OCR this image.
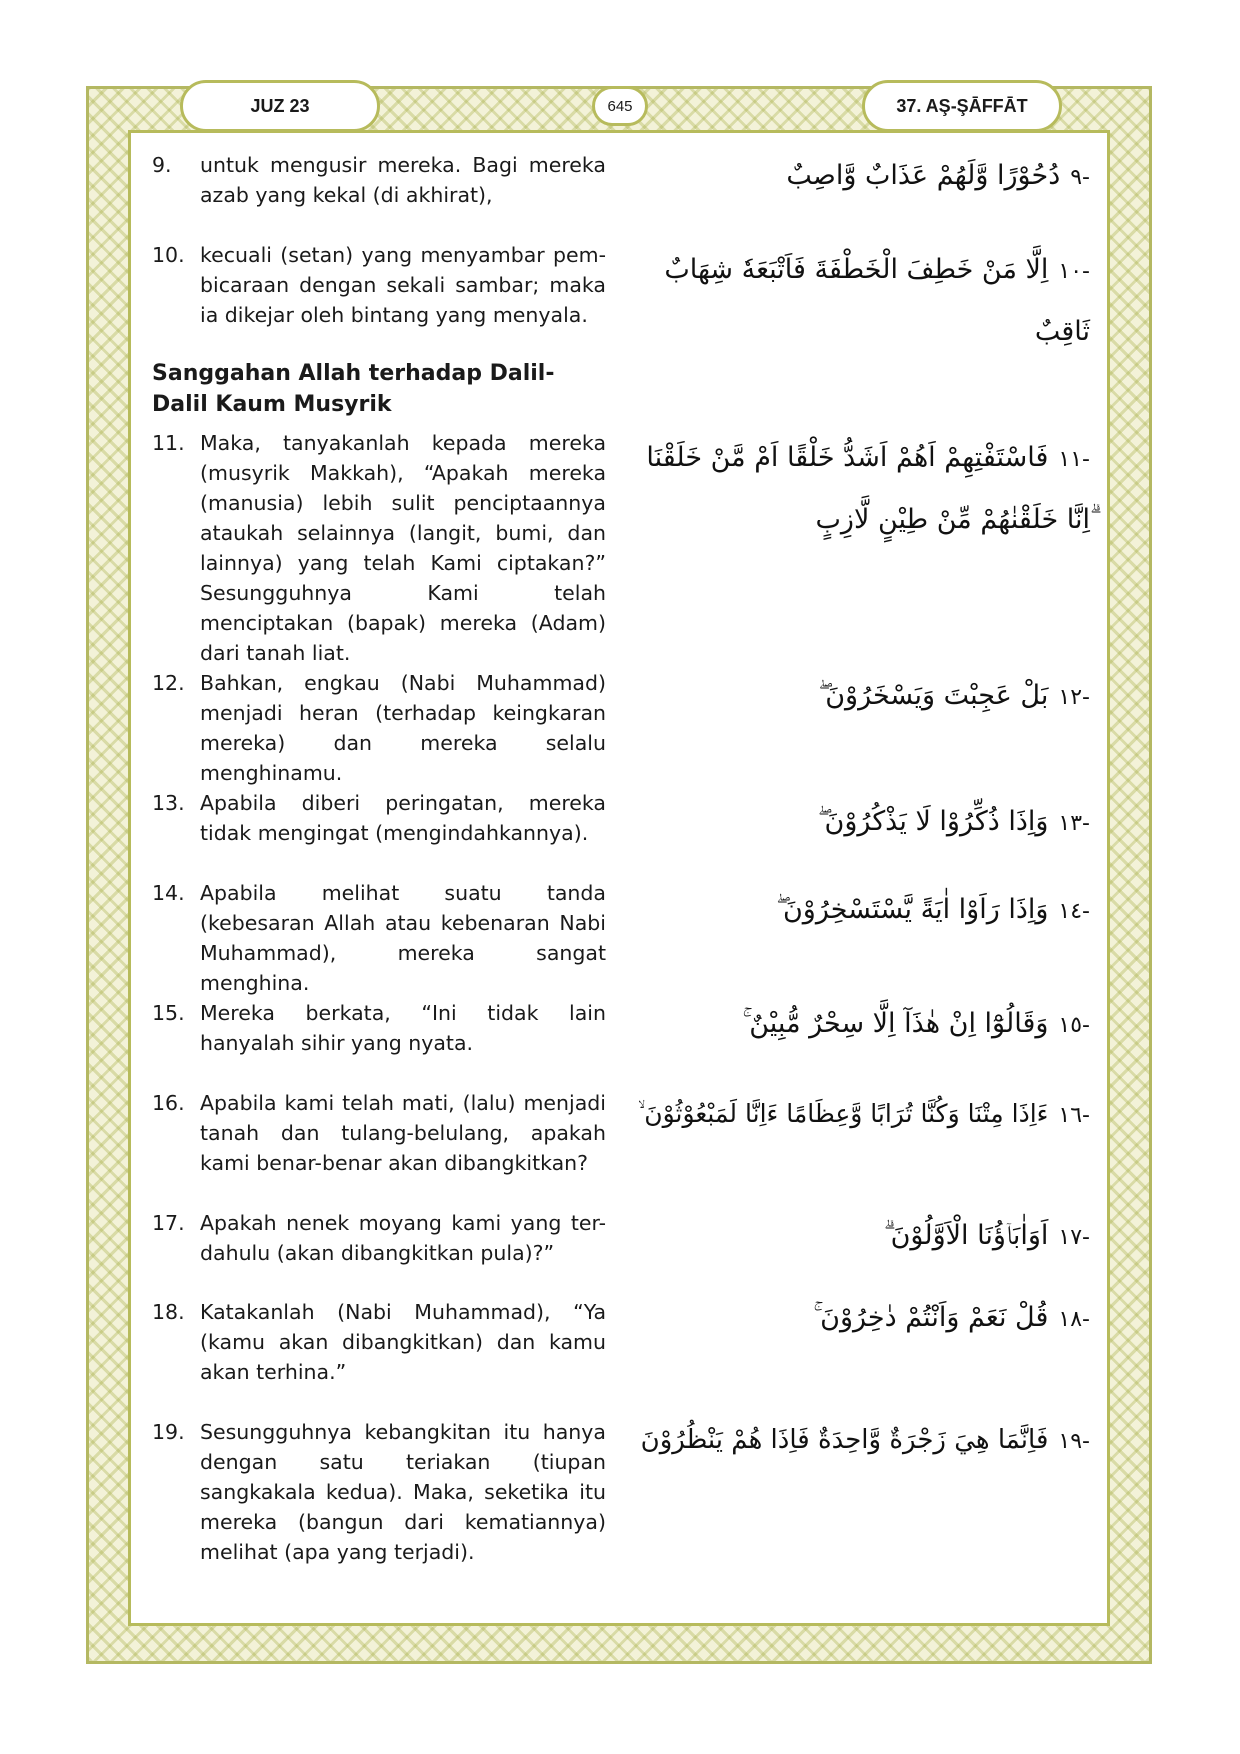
JUZ 23	645	37. AŞ-ŞĀFFĀT
9.	untuk mengusir mereka. Bagi mereka azab yang kekal (di akhirat),
-٩دُحُوْرًا وَّلَهُمْ عَذَابٌ وَّاصِبٌ
10. kecuali (setan) yang menyambar pem-bicaraan dengan sekali sambar; maka ia dikejar oleh bintang yang menyala.
-١٠اِلَّا مَنْ خَطِفَ الْخَطْفَةَ فَاَتْبَعَهٗ شِهَابٌ ثَاقِبٌ
Sanggahan Allah terhadap Dalil-Dalil Kaum Musyrik
11. Maka, tanyakanlah kepada mereka (musyrik Makkah), “Apakah mereka (manusia) lebih sulit penciptaannya ataukah selainnya (langit, bumi, dan lainnya) yang telah Kami ciptakan?” Sesungguhnya Kami telah menciptakan (bapak) mereka (Adam) dari tanah liat.
-١١فَاسْتَفْتِهِمْ اَهُمْ اَشَدُّ خَلْقًا اَمْ مَّنْ خَلَقْنَا ۗاِنَّا خَلَقْنٰهُمْ مِّنْ طِيْنٍ لَّازِبٍ
12. Bahkan, engkau (Nabi Muhammad) menjadi heran (terhadap keingkaran mereka) dan mereka selalu menghinamu.
-١٢بَلْ عَجِبْتَ وَيَسْخَرُوْنَ ۖ
13. Apabila diberi peringatan, mereka tidak mengingat (mengindahkannya).	-١٣وَاِذَا ذُكِّرُوْا لَا يَذْكُرُوْنَ ۖ
14. Apabila melihat suatu tanda (kebesaran Allah atau kebenaran Nabi Muhammad), mereka sangat menghina.
-١٤وَاِذَا رَاَوْا اٰيَةً يَّسْتَسْخِرُوْنَ ۖ
15. Mereka berkata, “Ini tidak lain hanyalah sihir yang nyata.
-١٥وَقَالُوْٓا اِنْ هٰذَآ اِلَّا سِحْرٌ مُّبِيْنٌ ۚ
16. Apabila kami telah mati, (lalu) menjadi tanah dan tulang-belulang, apakah kami benar-benar akan dibangkitkan?
-١٦ءَاِذَا مِتْنَا وَكُنَّا تُرَابًا وَّعِظَامًا ءَاِنَّا لَمَبْعُوْثُوْنَ ۙ
17. Apakah nenek moyang kami yang ter-dahulu (akan dibangkitkan pula)?”
-١٧اَوَاٰبَاۤؤُنَا الْاَوَّلُوْنَ ۗ
18. Katakanlah (Nabi Muhammad), “Ya (kamu akan dibangkitkan) dan kamu akan terhina.”
-١٨قُلْ نَعَمْ وَاَنْتُمْ دٰخِرُوْنَ ۚ
19. Sesungguhnya kebangkitan itu hanya dengan satu teriakan (tiupan sangkakala kedua). Maka, seketika itu mereka (bangun dari kematiannya) melihat (apa yang terjadi).
-١٩فَاِنَّمَا هِيَ زَجْرَةٌ وَّاحِدَةٌ فَاِذَا هُمْ يَنْظُرُوْنَ
